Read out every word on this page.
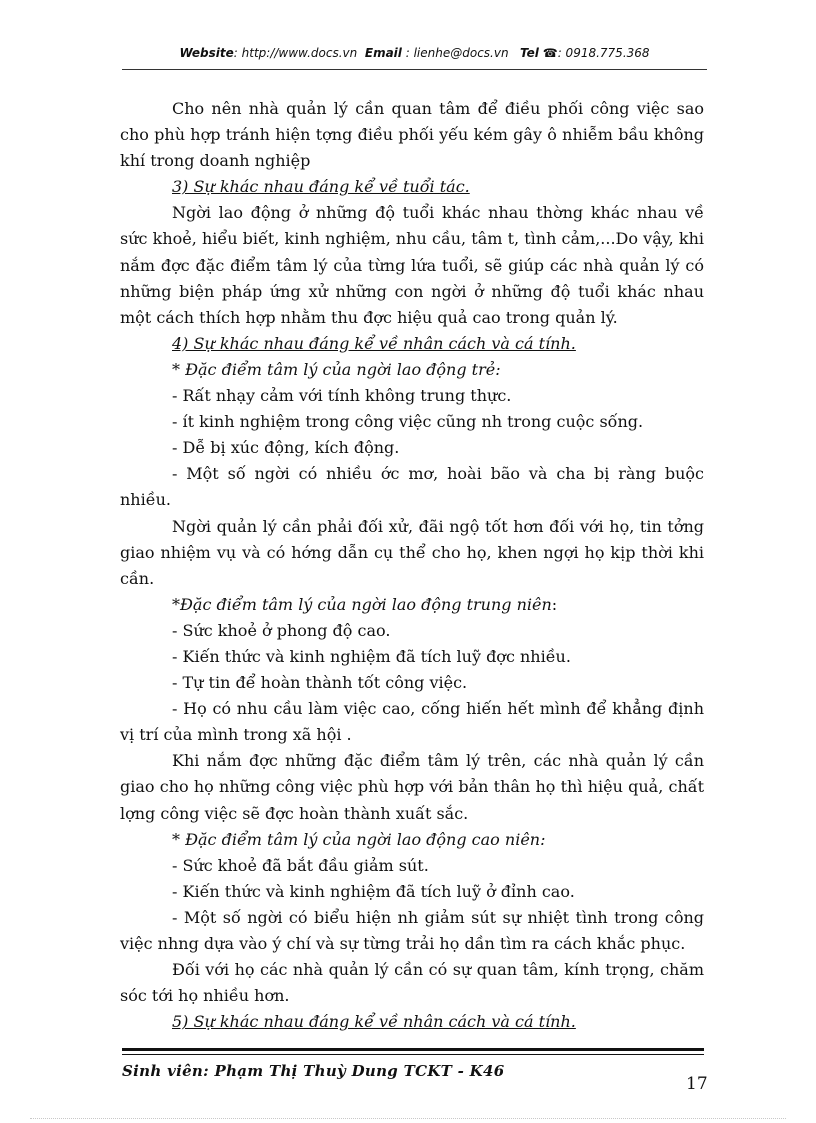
Website: http://www.docs.vn Email : lienhe@docs.vn Tel ☎: 0918.775.368

Cho nên nhà quản lý cần quan tâm để điều phối công việc sao cho phù hợp tránh hiện tợng điều phối yếu kém gây ô nhiễm bầu không khí trong doanh nghiệp

3) Sự khác nhau đáng kể về tuổi tác.

Ngời lao động ở những độ tuổi khác nhau thờng khác nhau về sức khoẻ, hiểu biết, kinh nghiệm, nhu cầu, tâm t, tình cảm,...Do vậy, khi nắm đợc đặc điểm tâm lý của từng lứa tuổi, sẽ giúp các nhà quản lý có những biện pháp ứng xử những con ngời ở những độ tuổi khác nhau một cách thích hợp nhằm thu đợc hiệu quả cao trong quản lý.

4) Sự khác nhau đáng kể về nhân cách và cá tính.

* Đặc điểm tâm lý của ngời lao động trẻ:

- Rất nhạy cảm với tính không trung thực.

- ít kinh nghiệm trong công việc cũng nh trong cuộc sống.

- Dễ bị xúc động, kích động.

- Một số ngời có nhiều ớc mơ, hoài bão và cha bị ràng buộc nhiều.

Ngời quản lý cần phải đối xử, đãi ngộ tốt hơn đối với họ, tin tởng giao nhiệm vụ và có hớng dẫn cụ thể cho họ, khen ngợi họ kịp thời khi cần.

*Đặc điểm tâm lý của ngời lao động trung niên:

- Sức khoẻ ở phong độ cao.

- Kiến thức và kinh nghiệm đã tích luỹ đợc nhiều.

- Tự tin để hoàn thành tốt công việc.

- Họ có nhu cầu làm việc cao, cống hiến hết mình để khẳng định vị trí của mình trong xã hội .

Khi nắm đợc những đặc điểm tâm lý trên, các nhà quản lý cần giao cho họ những công việc phù hợp với bản thân họ thì hiệu quả, chất lợng công việc sẽ đợc hoàn thành xuất sắc.

* Đặc điểm tâm lý của ngời lao động cao niên:

- Sức khoẻ đã bắt đầu giảm sút.

- Kiến thức và kinh nghiệm đã tích luỹ ở đỉnh cao.

- Một số ngời có biểu hiện nh giảm sút sự nhiệt tình trong công việc nhng dựa vào ý chí và sự từng trải họ dần tìm ra cách khắc phục.

Đối với họ các nhà quản lý cần có sự quan tâm, kính trọng, chăm sóc tới họ nhiều hơn.

5) Sự khác nhau đáng kể về nhân cách và cá tính.

Sinh viên: Phạm Thị Thuỳ Dung TCKT - K46
17
